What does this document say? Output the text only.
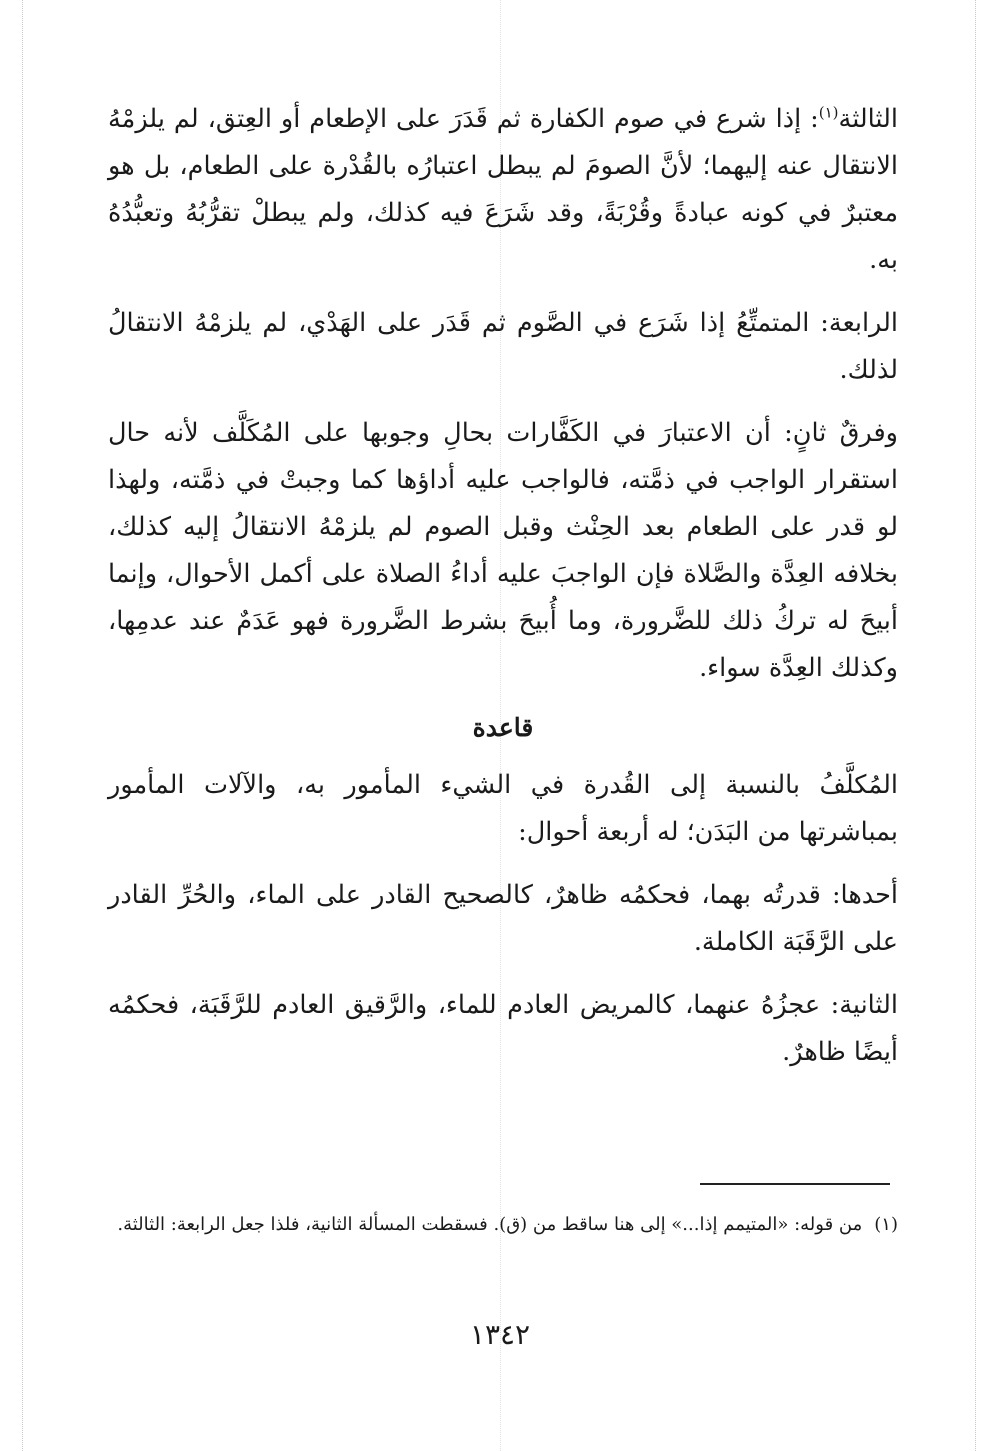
الثالثة$^{(١)}$: إذا شرع في صوم الكفارة ثم قَدَرَ على الإطعام أو العِتق، لم يلزمْهُ الانتقال عنه إليهما؛ لأنَّ الصومَ لم يبطل اعتبارُه بالقُدْرة على الطعام، بل هو معتبرٌ في كونه عبادةً وقُرْبَةً، وقد شَرَعَ فيه كذلك، ولم يبطلْ تقرُّبُهُ وتعبُّدُهُ به.

الرابعة: المتمتِّعُ إذا شَرَع في الصَّوم ثم قَدَر على الهَدْي، لم يلزمْهُ الانتقالُ لذلك.

وفرقٌ ثانٍ: أن الاعتبارَ في الكَفَّارات بحالِ وجوبها على المُكَلَّف لأنه حال استقرار الواجب في ذمَّته، فالواجب عليه أداؤها كما وجبتْ في ذمَّته، ولهذا لو قدر على الطعام بعد الحِنْث وقبل الصوم لم يلزمْهُ الانتقالُ إليه كذلك، بخلافه العِدَّة والصَّلاة فإن الواجبَ عليه أداءُ الصلاة على أكمل الأحوال، وإنما أبيحَ له تركُ ذلك للضَّرورة، وما أُبيحَ بشرط الضَّرورة فهو عَدَمٌ عند عدمِها، وكذلك العِدَّة سواء.

قاعدة

المُكلَّفُ بالنسبة إلى القُدرة في الشيء المأمور به، والآلات المأمور بمباشرتها من البَدَن؛ له أربعة أحوال:

أحدها: قدرتُه بهما، فحكمُه ظاهرٌ، كالصحيح القادر على الماء، والحُرِّ القادر على الرَّقَبَة الكاملة.

الثانية: عجزُهُ عنهما، كالمريض العادم للماء، والرَّقيق العادم للرَّقَبَة، فحكمُه أيضًا ظاهرٌ.

(١)من قوله: «المتيمم إذا...» إلى هنا ساقط من (ق). فسقطت المسألة الثانية، فلذا جعل الرابعة: الثالثة.
١٣٤٢
